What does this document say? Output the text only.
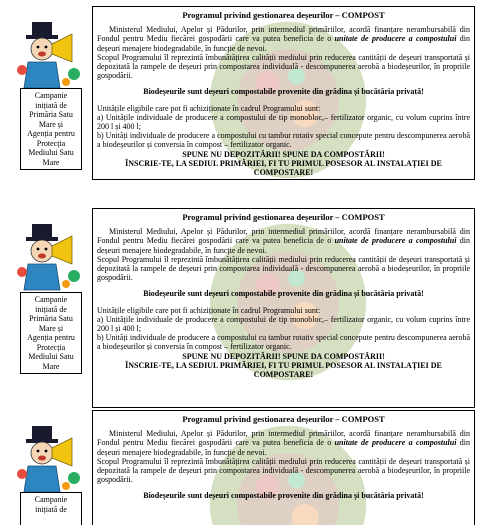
Campanie
inițiată de
Primăria Satu
Mare și
Agenția pentru
Protecția
Mediului Satu
Mare
Programul privind gestionarea deșeurilor – COMPOST

Ministerul Mediului, Apelor și Pădurilor, prin intermediul primăriilor, acordă finanțare nerambursabilă din Fondul pentru Mediu fiecărei gospodării care va putea beneficia de o unitate de producere a compostului din deșeuri menajere biodegradabile, în funcție de nevoi.

Scopul Programului îl reprezintă îmbunătățirea calității mediului prin reducerea cantității de deșeuri transportată și depozitată la rampele de deșeuri prin compostarea individuală - descompunerea aerobă a biodeșeurilor, în propriile gospodării.

Biodeșeurile sunt deșeuri compostabile provenite din grădina și bucătăria privată!

Unitățile eligibile care pot fi achiziționate în cadrul Programului sunt:

a) Unitățile individuale de producere a compostului de tip monobloc,– fertilizator organic, cu volum cuprins între 200 l și 400 l;

b) Unități individuale de producere a compostului cu tambur rotativ special concepute pentru descompunerea aerobă a biodeșeurilor și conversia în compost – fertilizator organic.

SPUNE NU DEPOZITĂRII! SPUNE DA COMPOSTĂRII!
ÎNSCRIE-TE, LA SEDIUL PRIMĂRIEI, FI TU PRIMUL POSESOR AL INSTALAȚIEI DE COMPOSTARE!
Campanie
inițiată de
Primăria Satu
Mare și
Agenția pentru
Protecția
Mediului Satu
Mare
Programul privind gestionarea deșeurilor – COMPOST

Ministerul Mediului, Apelor și Pădurilor, prin intermediul primăriilor, acordă finanțare nerambursabilă din Fondul pentru Mediu fiecărei gospodării care va putea beneficia de o unitate de producere a compostului din deșeuri menajere biodegradabile, în funcție de nevoi.

Scopul Programului îl reprezintă îmbunătățirea calității mediului prin reducerea cantității de deșeuri transportată și depozitată la rampele de deșeuri prin compostarea individuală - descompunerea aerobă a biodeșeurilor, în propriile gospodării.

Biodeșeurile sunt deșeuri compostabile provenite din grădina și bucătăria privată!

Unitățile eligibile care pot fi achiziționate în cadrul Programului sunt:

a) Unitățile individuale de producere a compostului de tip monobloc,– fertilizator organic, cu volum cuprins între 200 l și 400 l;

b) Unități individuale de producere a compostului cu tambur rotativ special concepute pentru descompunerea aerobă a biodeșeurilor și conversia în compost – fertilizator organic.

SPUNE NU DEPOZITĂRII! SPUNE DA COMPOSTĂRII!
ÎNSCRIE-TE, LA SEDIUL PRIMĂRIEI, FI TU PRIMUL POSESOR AL INSTALAȚIEI DE COMPOSTARE!
Campanie
inițiată de
Programul privind gestionarea deșeurilor – COMPOST

Ministerul Mediului, Apelor și Pădurilor, prin intermediul primăriilor, acordă finanțare nerambursabilă din Fondul pentru Mediu fiecărei gospodării care va putea beneficia de o unitate de producere a compostului din deșeuri menajere biodegradabile, în funcție de nevoi.

Scopul Programului îl reprezintă îmbunătățirea calității mediului prin reducerea cantității de deșeuri transportată și depozitată la rampele de deșeuri prin compostarea individuală - descompunerea aerobă a biodeșeurilor, în propriile gospodării.

Biodeșeurile sunt deșeuri compostabile provenite din grădina și bucătăria privată!
